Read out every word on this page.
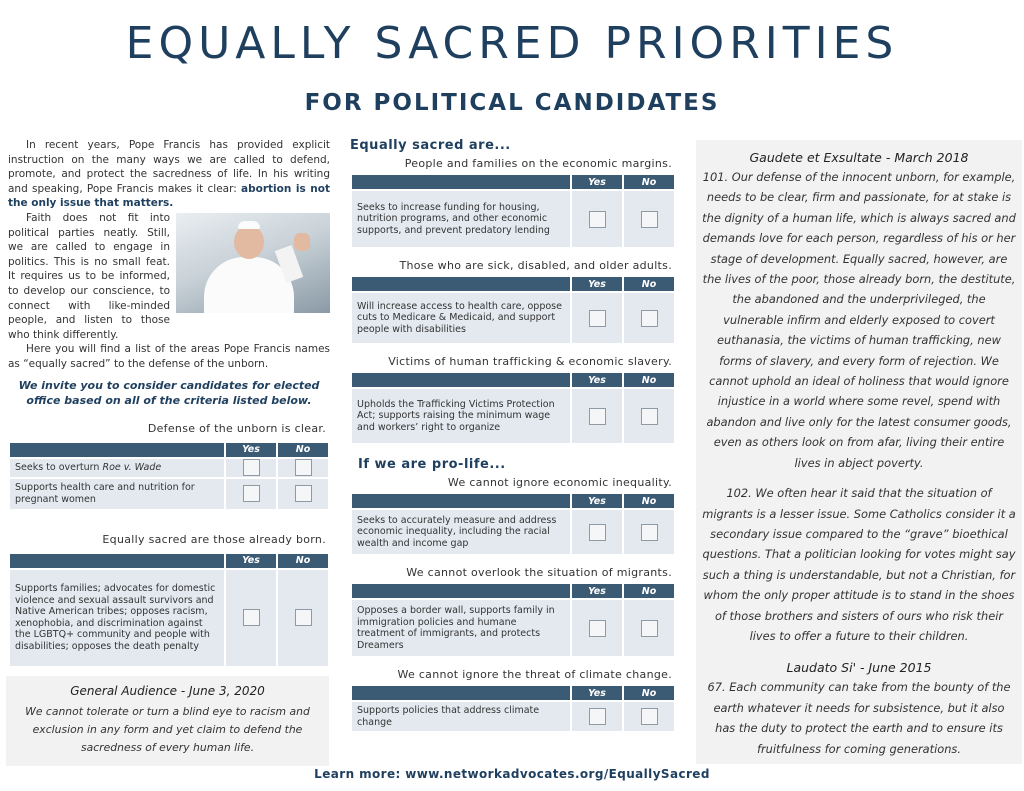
EQUALLY SACRED PRIORITIES
FOR POLITICAL CANDIDATES

In recent years, Pope Francis has provided explicit instruction on the many ways we are called to defend, promote, and protect the sacredness of life. In his writing and speaking, Pope Francis makes it clear: abortion is not the only issue that matters.

Faith does not fit into political parties neatly. Still, we are called to engage in politics. This is no small feat. It requires us to be informed, to develop our conscience, to connect with like-minded people, and listen to those who think differently.

Here you will find a list of the areas Pope Francis names as “equally sacred” to the defense of the unborn.

We invite you to consider candidates for elected office based on all of the criteria listed below.
Defense of the unborn is clear.
	Yes	No
Seeks to overturn Roe v. Wade		
Supports health care and nutrition for pregnant women		
Equally sacred are those already born.
	Yes	No
Supports families; advocates for domestic violence and sexual assault survivors and Native American tribes; opposes racism, xenophobia, and discrimination against the LGBTQ+ community and people with disabilities; opposes the death penalty		
General Audience - June 3, 2020
We cannot tolerate or turn a blind eye to racism and exclusion in any form and yet claim to defend the sacredness of every human life.
Equally sacred are...
People and families on the economic margins.
	Yes	No
Seeks to increase funding for housing, nutrition programs, and other economic supports, and prevent predatory lending		
Those who are sick, disabled, and older adults.
	Yes	No
Will increase access to health care, oppose cuts to Medicare & Medicaid, and support people with disabilities		
Victims of human trafficking & economic slavery.
	Yes	No
Upholds the Trafficking Victims Protection Act; supports raising the minimum wage and workers’ right to organize		
If we are pro-life...
We cannot ignore economic inequality.
	Yes	No
Seeks to accurately measure and address economic inequality, including the racial wealth and income gap		
We cannot overlook the situation of migrants.
	Yes	No
Opposes a border wall, supports family in immigration policies and humane treatment of immigrants, and protects Dreamers		
We cannot ignore the threat of climate change.
	Yes	No
Supports policies that address climate change		
Gaudete et Exsultate - March 2018
101. Our defense of the innocent unborn, for example, needs to be clear, firm and passionate, for at stake is the dignity of a human life, which is always sacred and demands love for each person, regardless of his or her stage of development. Equally sacred, however, are the lives of the poor, those already born, the destitute, the abandoned and the underprivileged, the vulnerable infirm and elderly exposed to covert euthanasia, the victims of human trafficking, new forms of slavery, and every form of rejection. We cannot uphold an ideal of holiness that would ignore injustice in a world where some revel, spend with abandon and live only for the latest consumer goods, even as others look on from afar, living their entire lives in abject poverty.
102. We often hear it said that the situation of migrants is a lesser issue. Some Catholics consider it a secondary issue compared to the “grave” bioethical questions. That a politician looking for votes might say such a thing is understandable, but not a Christian, for whom the only proper attitude is to stand in the shoes of those brothers and sisters of ours who risk their lives to offer a future to their children.
Laudato Si' - June 2015
67. Each community can take from the bounty of the earth whatever it needs for subsistence, but it also has the duty to protect the earth and to ensure its fruitfulness for coming generations.
Learn more: www.networkadvocates.org/EquallySacred
